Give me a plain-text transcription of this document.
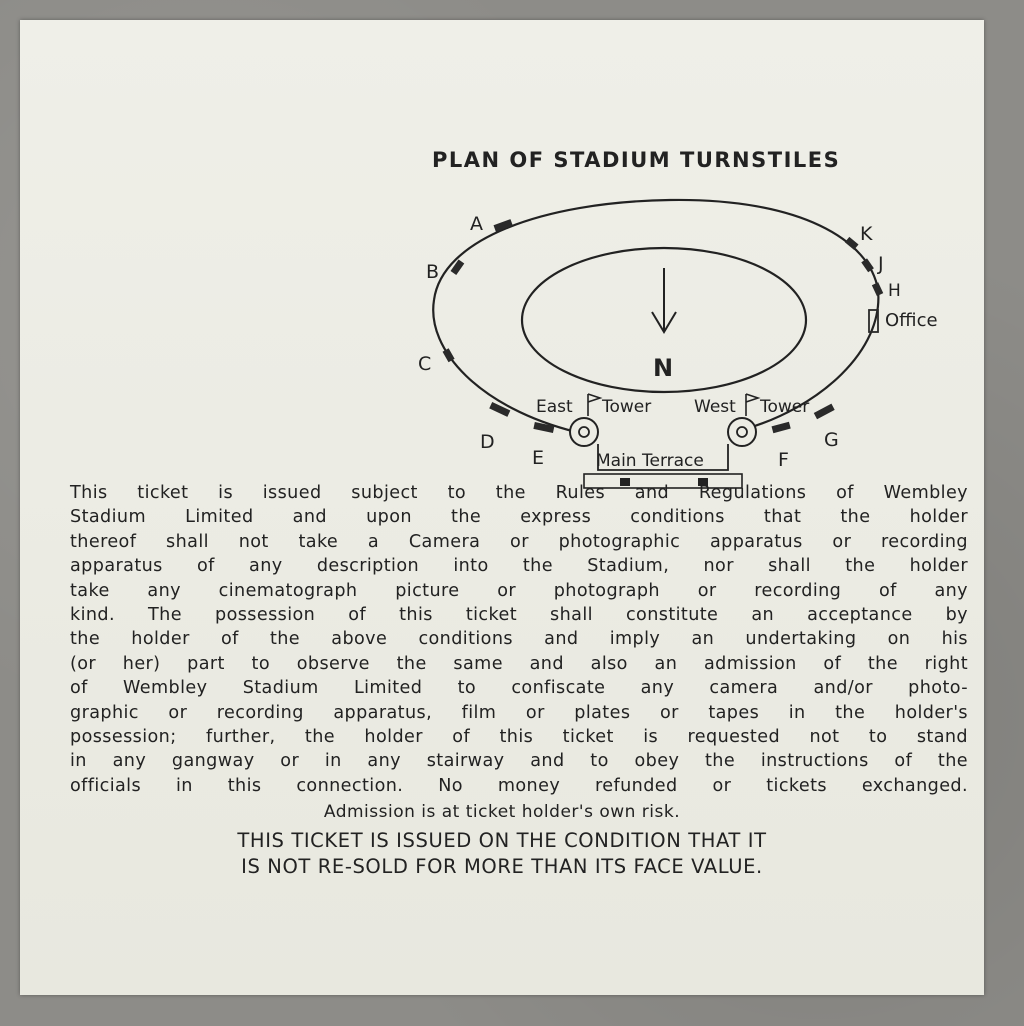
PLAN OF STADIUM TURNSTILES
N
A
B
C
D
E	F
G
H
J
K
Office
East Tower	West Tower
Main Terrace
This ticket is issued subject to the Rules and Regulations of Wembley
Stadium Limited and upon the express conditions that the holder
thereof shall not take a Camera or photographic apparatus or recording
apparatus of any description into the Stadium, nor shall the holder
take any cinematograph picture or photograph or recording of any
kind. The possession of this ticket shall constitute an acceptance by
the holder of the above conditions and imply an undertaking on his
(or her) part to observe the same and also an admission of the right
of Wembley Stadium Limited to confiscate any camera and/or photo-
graphic or recording apparatus, film or plates or tapes in the holder's
possession; further, the holder of this ticket is requested not to stand
in any gangway or in any stairway and to obey the instructions of the
officials in this connection. No money refunded or tickets exchanged.
Admission is at ticket holder's own risk.
THIS TICKET IS ISSUED ON THE CONDITION THAT IT
IS NOT RE-SOLD FOR MORE THAN ITS FACE VALUE.
